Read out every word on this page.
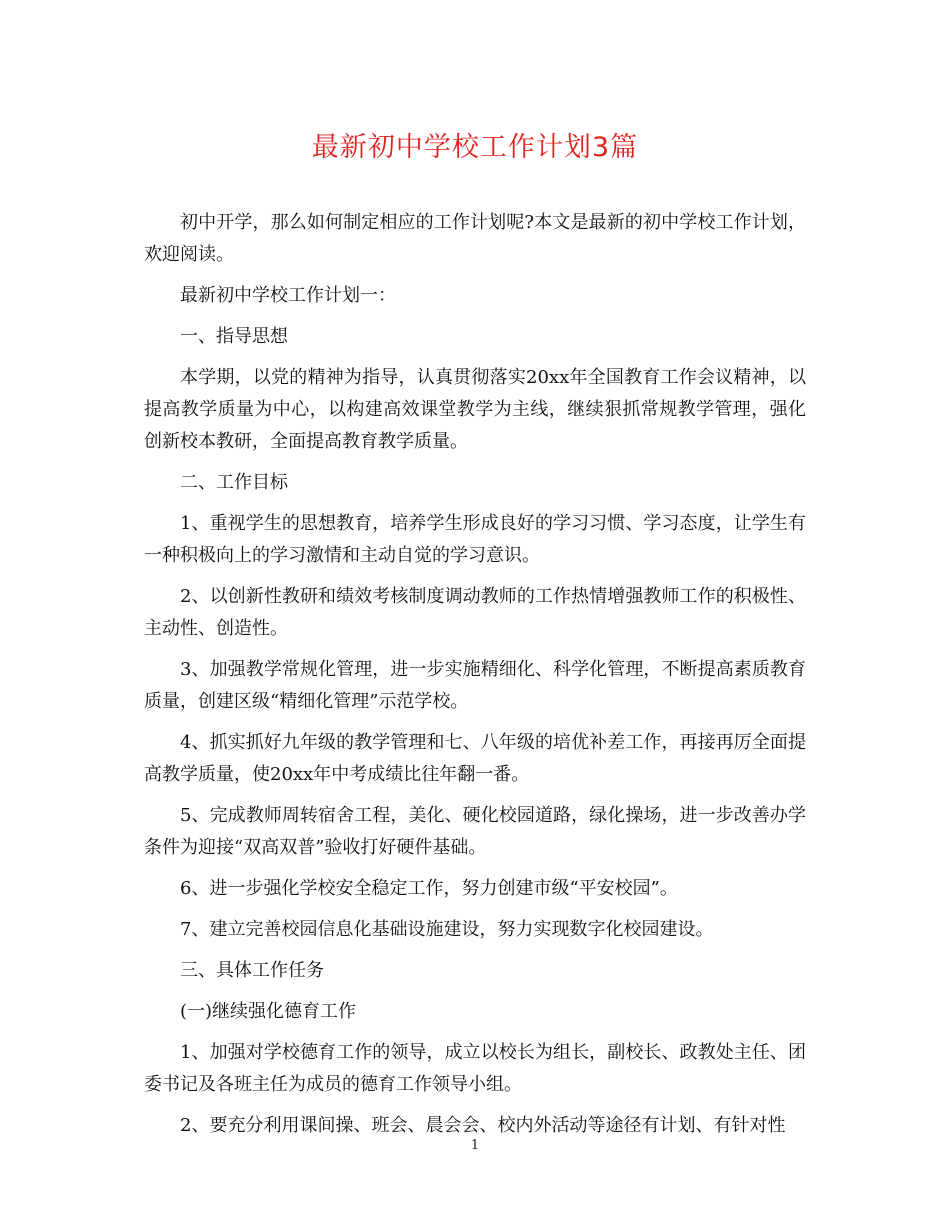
最新初中学校工作计划3篇

初中开学，那么如何制定相应的工作计划呢?本文是最新的初中学校工作计划，欢迎阅读。

最新初中学校工作计划一：

一、指导思想

本学期，以党的精神为指导，认真贯彻落实20xx年全国教育工作会议精神，以提高教学质量为中心，以构建高效课堂教学为主线，继续狠抓常规教学管理，强化创新校本教研，全面提高教育教学质量。

二、工作目标

1、重视学生的思想教育，培养学生形成良好的学习习惯、学习态度，让学生有一种积极向上的学习激情和主动自觉的学习意识。

2、以创新性教研和绩效考核制度调动教师的工作热情增强教师工作的积极性、主动性、创造性。

3、加强教学常规化管理，进一步实施精细化、科学化管理，不断提高素质教育质量，创建区级“精细化管理”示范学校。

4、抓实抓好九年级的教学管理和七、八年级的培优补差工作，再接再厉全面提高教学质量，使20xx年中考成绩比往年翻一番。

5、完成教师周转宿舍工程，美化、硬化校园道路，绿化操场，进一步改善办学条件为迎接“双高双普”验收打好硬件基础。

6、进一步强化学校安全稳定工作，努力创建市级“平安校园”。

7、建立完善校园信息化基础设施建设，努力实现数字化校园建设。

三、具体工作任务

(一)继续强化德育工作

1、加强对学校德育工作的领导，成立以校长为组长，副校长、政教处主任、团委书记及各班主任为成员的德育工作领导小组。

2、要充分利用课间操、班会、晨会会、校内外活动等途径有计划、有针对性

1
